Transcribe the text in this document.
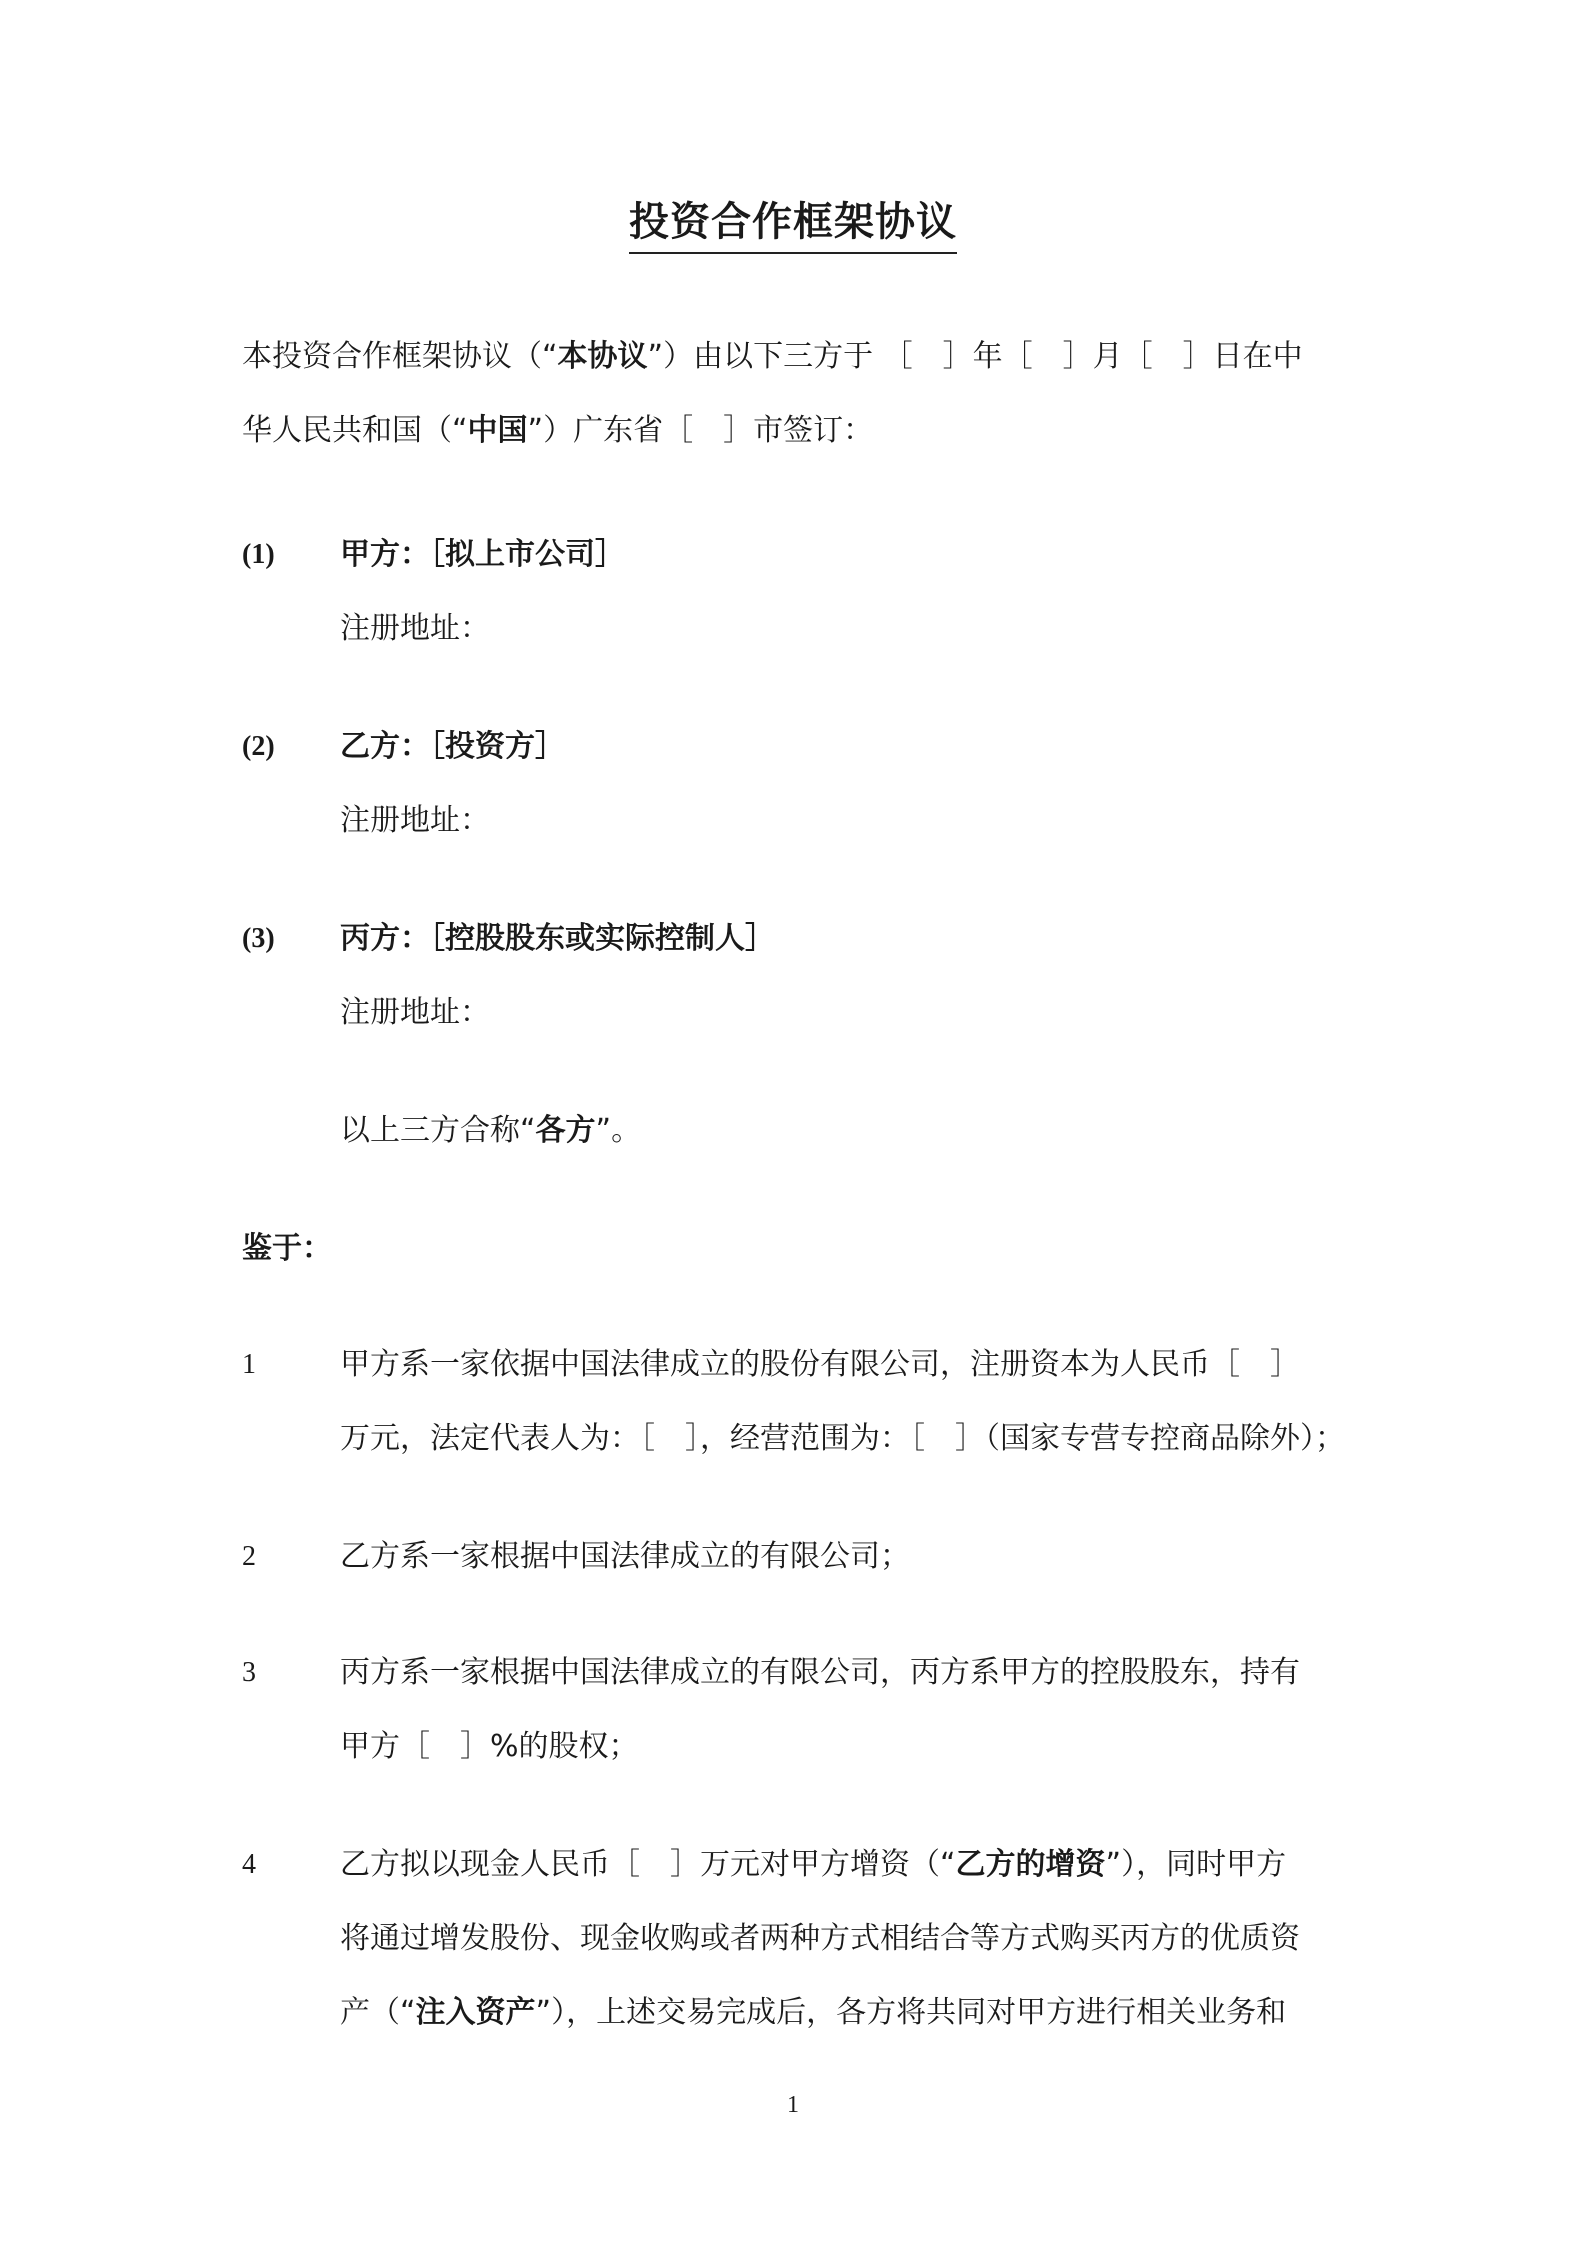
投资合作框架协议
本投资合作框架协议（“本协议”）由以下三方于 ［　］年［　］月［　］日在中
华人民共和国（“中国”）广东省［　］市签订：
(1) 甲方：［拟上市公司］
注册地址：
(2) 乙方：［投资方］
注册地址：
(3) 丙方：［控股股东或实际控制人］
注册地址：
以上三方合称“各方”。
鉴于：
1	甲方系一家依据中国法律成立的股份有限公司，注册资本为人民币［　］
万元，法定代表人为：［　］，经营范围为：［　］（国家专营专控商品除外）；
2	乙方系一家根据中国法律成立的有限公司；
3	丙方系一家根据中国法律成立的有限公司，丙方系甲方的控股股东，持有
甲方［　］%的股权；
4	乙方拟以现金人民币［　］万元对甲方增资（“乙方的增资”），同时甲方
将通过增发股份、现金收购或者两种方式相结合等方式购买丙方的优质资
产（“注入资产”），上述交易完成后，各方将共同对甲方进行相关业务和
1
